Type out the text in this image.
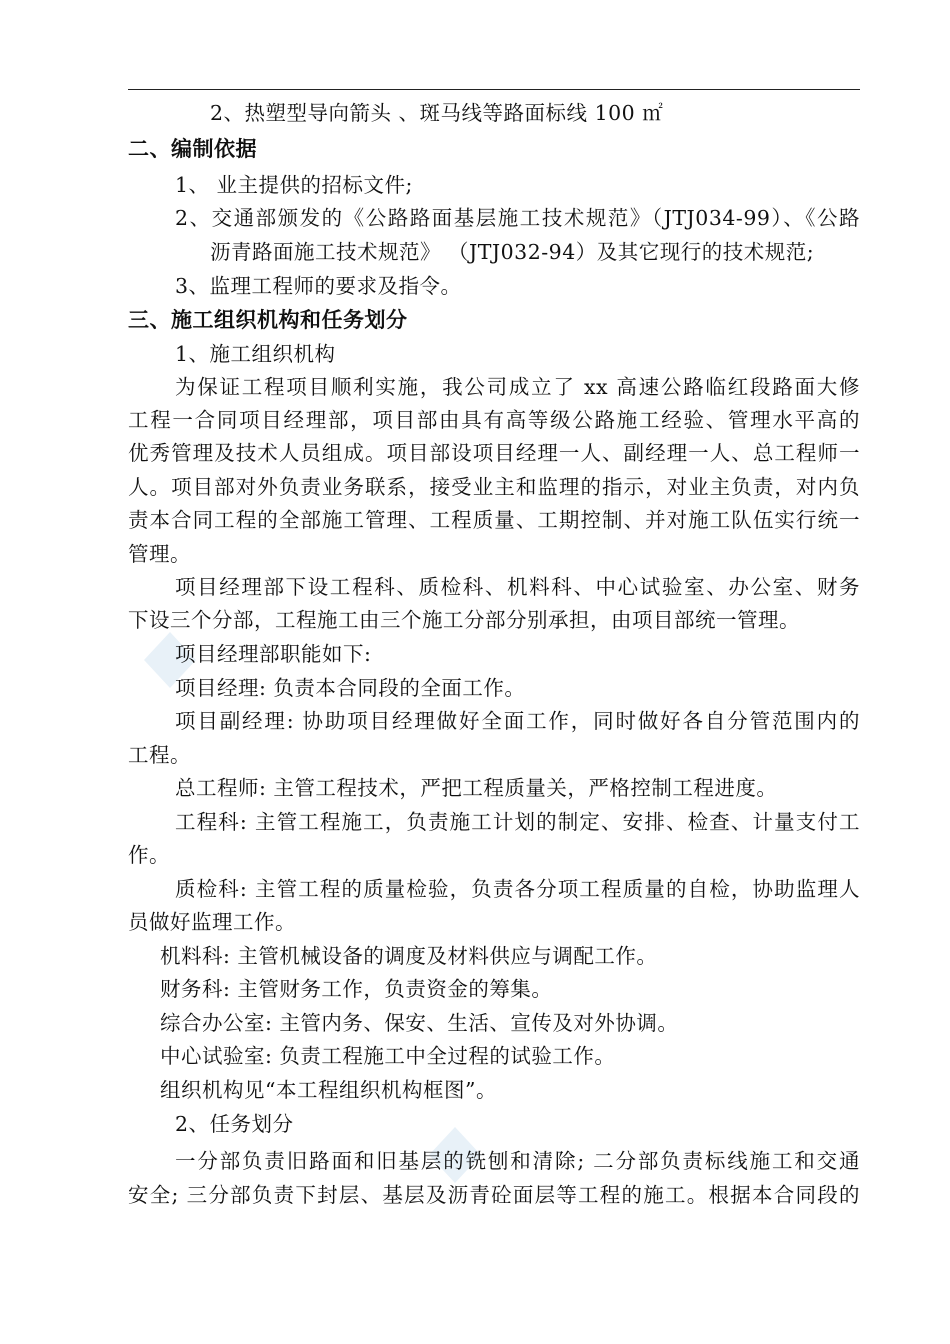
2、热塑型导向箭头 、斑马线等路面标线 100 ㎡
二、编制依据
1、 业主提供的招标文件;
2、交通部颁发的《公路路面基层施工技术规范》（JTJ034-99）、《公路
沥青路面施工技术规范》 （JTJ032-94）及其它现行的技术规范;
3、监理工程师的要求及指令。
三、施工组织机构和任务划分
1、施工组织机构
为保证工程项目顺利实施，我公司成立了 xx 高速公路临红段路面大修
工程一合同项目经理部，项目部由具有高等级公路施工经验、管理水平高的
优秀管理及技术人员组成。项目部设项目经理一人、副经理一人、总工程师一
人。项目部对外负责业务联系，接受业主和监理的指示，对业主负责，对内负
责本合同工程的全部施工管理、工程质量、工期控制、并对施工队伍实行统一
管理。
项目经理部下设工程科、质检科、机料科、中心试验室、办公室、财务
下设三个分部，工程施工由三个施工分部分别承担，由项目部统一管理。
项目经理部职能如下:
项目经理: 负责本合同段的全面工作。
项目副经理: 协助项目经理做好全面工作，同时做好各自分管范围内的
工程。
总工程师: 主管工程技术，严把工程质量关，严格控制工程进度。
工程科: 主管工程施工，负责施工计划的制定、安排、检查、计量支付工
作。
质检科: 主管工程的质量检验，负责各分项工程质量的自检，协助监理人
员做好监理工作。
机料科: 主管机械设备的调度及材料供应与调配工作。
财务科: 主管财务工作，负责资金的筹集。
综合办公室: 主管内务、保安、生活、宣传及对外协调。
中心试验室: 负责工程施工中全过程的试验工作。
组织机构见“本工程组织机构框图”。
2、任务划分
一分部负责旧路面和旧基层的铣刨和清除; 二分部负责标线施工和交通
安全; 三分部负责下封层、基层及沥青砼面层等工程的施工。根据本合同段的
